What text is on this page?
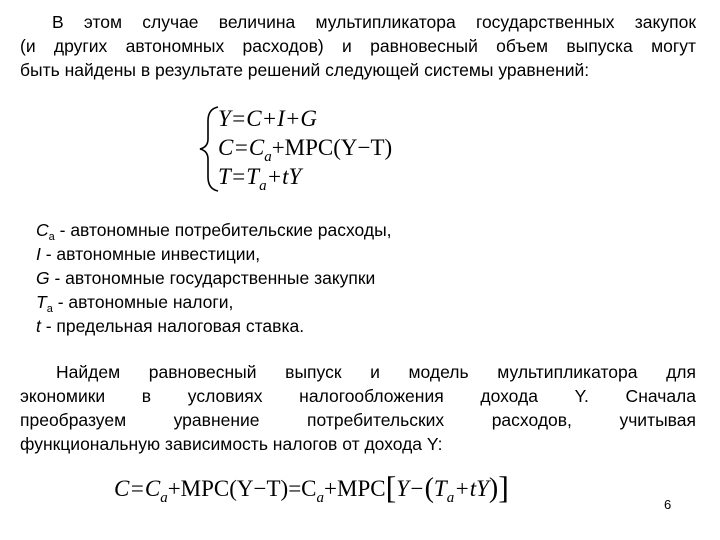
В этом случае величина мультипликатора государственных закупок
(и других автономных расходов) и равновесный объем выпуска могут
быть найдены в результате решений следующей системы уравнений:
Y=C+I+G
$C=C_a+MPC(Y-T)$
$T=T_a+tY$
$C_a$ - автономные потребительские расходы,
I - автономные инвестиции,
G - автономные государственные закупки
$T_a$ - автономные налоги,
t - предельная налоговая ставка.
Найдем равновесный выпуск и модель мультипликатора для
экономики в условиях налогообложения дохода Y. Сначала
преобразуем уравнение потребительских расходов, учитывая
функциональную зависимость налогов от дохода Y:
$C=C_a+MPC(Y-T)=C_a+MPC[Y-(T_a+tY)]$	6
